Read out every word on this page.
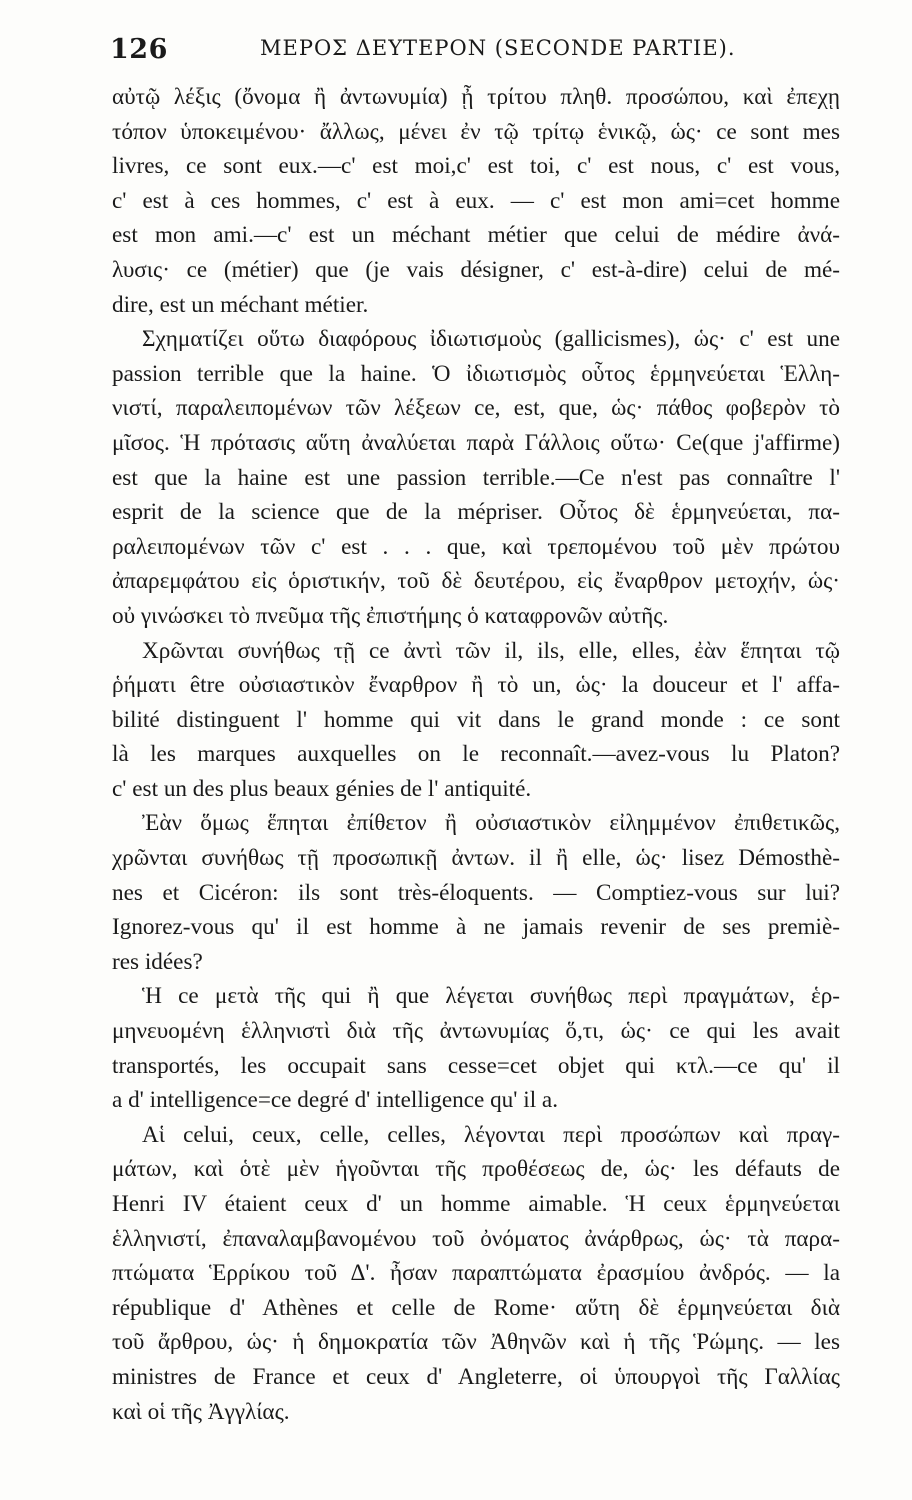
126	ΜΕΡΟΣ ΔΕΥΤΕΡΟΝ (SECONDE PARTIE).
αὐτῷ λέξις (ὄνομα ἢ ἀντωνυμία) ᾖ τρίτου πληθ. προσώπου, καὶ ἐπεχῃ
τόπον ὑποκειμένου· ἄλλως, μένει ἐν τῷ τρίτῳ ἑνικῷ, ὡς· ce sont mes
livres, ce sont eux.—c' est moi,c' est toi, c' est nous, c' est vous,
c' est à ces hommes, c' est à eux. — c' est mon ami=cet homme
est mon ami.—c' est un méchant métier que celui de médire ἀνά-
λυσις· ce (métier) que (je vais désigner, c' est-à-dire) celui de mé-
dire, est un méchant métier.
Σχηματίζει οὕτω διαφόρους ἰδιωτισμοὺς (gallicismes), ὡς· c' est une
passion terrible que la haine. Ὁ ἰδιωτισμὸς οὗτος ἑρμηνεύεται Ἑλλη-
νιστί, παραλειπομένων τῶν λέξεων ce, est, que, ὡς· πάθος φοβερὸν τὸ
μῖσος. Ἡ πρότασις αὕτη ἀναλύεται παρὰ Γάλλοις οὕτω· Ce(que j'affirme)
est que la haine est une passion terrible.—Ce n'est pas connaître l'
esprit de la science que de la mépriser. Οὗτος δὲ ἑρμηνεύεται, πα-
ραλειπομένων τῶν c' est . . . que, καὶ τρεπομένου τοῦ μὲν πρώτου
ἀπαρεμφάτου εἰς ὁριστικήν, τοῦ δὲ δευτέρου, εἰς ἔναρθρον μετοχήν, ὡς·
οὐ γινώσκει τὸ πνεῦμα τῆς ἐπιστήμης ὁ καταφρονῶν αὐτῆς.
Χρῶνται συνήθως τῇ ce ἀντὶ τῶν il, ils, elle, elles, ἐὰν ἕπηται τῷ
ῥήματι être οὐσιαστικὸν ἔναρθρον ἢ τὸ un, ὡς· la douceur et l' affa-
bilité distinguent l' homme qui vit dans le grand monde : ce sont
là les marques auxquelles on le reconnaît.—avez-vous lu Platon?
c' est un des plus beaux génies de l' antiquité.
Ἐὰν ὅμως ἕπηται ἐπίθετον ἢ οὐσιαστικὸν εἰλημμένον ἐπιθετικῶς,
χρῶνται συνήθως τῇ προσωπικῇ ἀντων. il ἢ elle, ὡς· lisez Démosthè-
nes et Cicéron: ils sont très-éloquents. — Comptiez-vous sur lui?
Ignorez-vous qu' il est homme à ne jamais revenir de ses premiè-
res idées?
Ἡ ce μετὰ τῆς qui ἢ que λέγεται συνήθως περὶ πραγμάτων, ἑρ-
μηνευομένη ἑλληνιστὶ διὰ τῆς ἀντωνυμίας ὅ,τι, ὡς· ce qui les avait
transportés, les occupait sans cesse=cet objet qui κτλ.—ce qu' il
a d' intelligence=ce degré d' intelligence qu' il a.
Αἱ celui, ceux, celle, celles, λέγονται περὶ προσώπων καὶ πραγ-
μάτων, καὶ ὁτὲ μὲν ἡγοῦνται τῆς προθέσεως de, ὡς· les défauts de
Henri IV étaient ceux d' un homme aimable. Ἡ ceux ἑρμηνεύεται
ἑλληνιστί, ἐπαναλαμβανομένου τοῦ ὀνόματος ἀνάρθρως, ὡς· τὰ παρα-
πτώματα Ἑρρίκου τοῦ Δ'. ἦσαν παραπτώματα ἐρασμίου ἀνδρός. — la
république d' Athènes et celle de Rome· αὕτη δὲ ἑρμηνεύεται διὰ
τοῦ ἄρθρου, ὡς· ἡ δημοκρατία τῶν Ἀθηνῶν καὶ ἡ τῆς Ῥώμης. — les
ministres de France et ceux d' Angleterre, οἱ ὑπουργοὶ τῆς Γαλλίας
καὶ οἱ τῆς Ἀγγλίας.
